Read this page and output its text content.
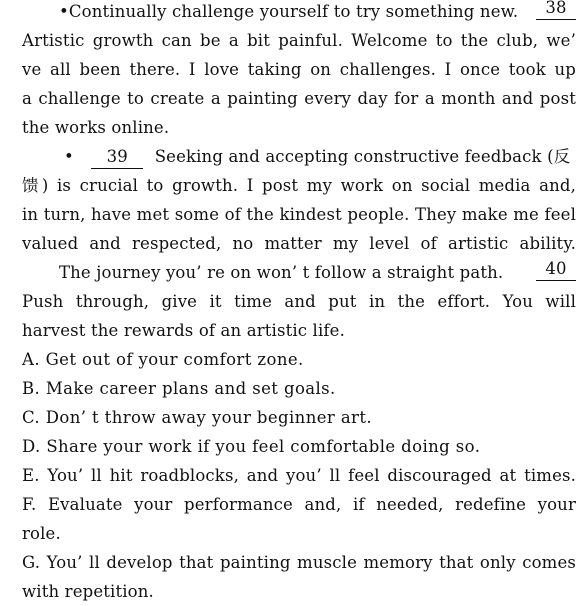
•Continually challenge yourself to try something new.	38
Artistic growth can be a bit painful. Welcome to the club, we’
ve all been there. I love taking on challenges. I once took up
a challenge to create a painting every day for a month and post
the works online.
• 39 Seeking and accepting constructive feedback (反
馈) is crucial to growth. I post my work on social media and,
in turn, have met some of the kindest people. They make me feel
valued and respected, no matter my level of artistic ability.
The journey you’ re on won’ t follow a straight path.	40
Push through, give it time and put in the effort. You will
harvest the rewards of an artistic life.
A. Get out of your comfort zone.
B. Make career plans and set goals.
C. Don’ t throw away your beginner art.
D. Share your work if you feel comfortable doing so.
E. You’ ll hit roadblocks, and you’ ll feel discouraged at times.
F. Evaluate your performance and, if needed, redefine your
role.
G. You’ ll develop that painting muscle memory that only comes
with repetition.
